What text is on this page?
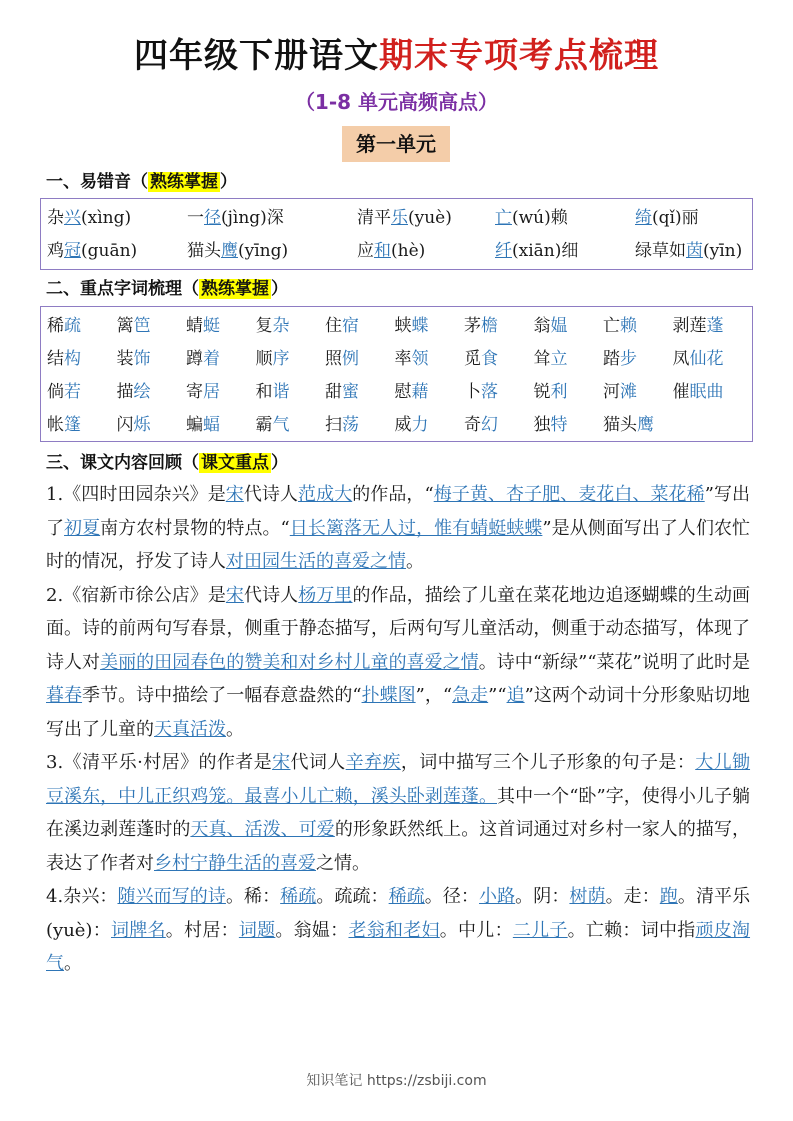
四年级下册语文期末专项考点梳理
（1-8 单元高频高点）
第一单元
一、易错音（ 熟练掌握 ）
杂兴(xìng)	一径(jìng)深	清平乐(yuè)	亡(wú)赖	绮(qǐ)丽
鸡冠(guān)	猫头鹰(yīng)	应和(hè)	纤(xiān)细	绿草如茵(yīn)
二、重点字词梳理（ 熟练掌握 ）
稀疏 篱笆 蜻蜓 复杂 住宿 蛱蝶 茅檐 翁媪 亡赖 剥莲蓬
结构 装饰 蹲着 顺序 照例 率领 觅食 耸立 踏步 凤仙花
倘若 描绘 寄居 和谐 甜蜜 慰藉 卜落 锐利 河滩 催眠曲
帐篷 闪烁 蝙蝠 霸气 扫荡 威力 奇幻 独特 猫头鹰
三、课文内容回顾（ 课文重点 ）

1.《四时田园杂兴》是宋代诗人范成大的作品，“梅子黄、杏子肥、麦花白、菜花稀”写出了初夏南方农村景物的特点。“日长篱落无人过，惟有蜻蜓蛱蝶”是从侧面写出了人们农忙时的情况，抒发了诗人对田园生活的喜爱之情。

2.《宿新市徐公店》是宋代诗人杨万里的作品，描绘了儿童在菜花地边追逐蝴蝶的生动画面。诗的前两句写春景，侧重于静态描写，后两句写儿童活动，侧重于动态描写，体现了诗人对美丽的田园春色的赞美和对乡村儿童的喜爱之情。诗中“新绿”“菜花”说明了此时是暮春季节。诗中描绘了一幅春意盎然的“扑蝶图”，“急走”“追”这两个动词十分形象贴切地写出了儿童的天真活泼。

3.《清平乐·村居》的作者是宋代词人辛弃疾，词中描写三个儿子形象的句子是：大儿锄豆溪东，中儿正织鸡笼。最喜小儿亡赖，溪头卧剥莲蓬。其中一个“卧”字，使得小儿子躺在溪边剥莲蓬时的天真、活泼、可爱的形象跃然纸上。这首词通过对乡村一家人的描写，表达了作者对乡村宁静生活的喜爱之情。

4.杂兴：随兴而写的诗。稀：稀疏。疏疏：稀疏。径：小路。阴：树荫。走：跑。清平乐(yuè)：词牌名。村居：词题。翁媪：老翁和老妇。中儿：二儿子。亡赖：词中指顽皮淘气。

知识笔记 https://zsbiji.com
